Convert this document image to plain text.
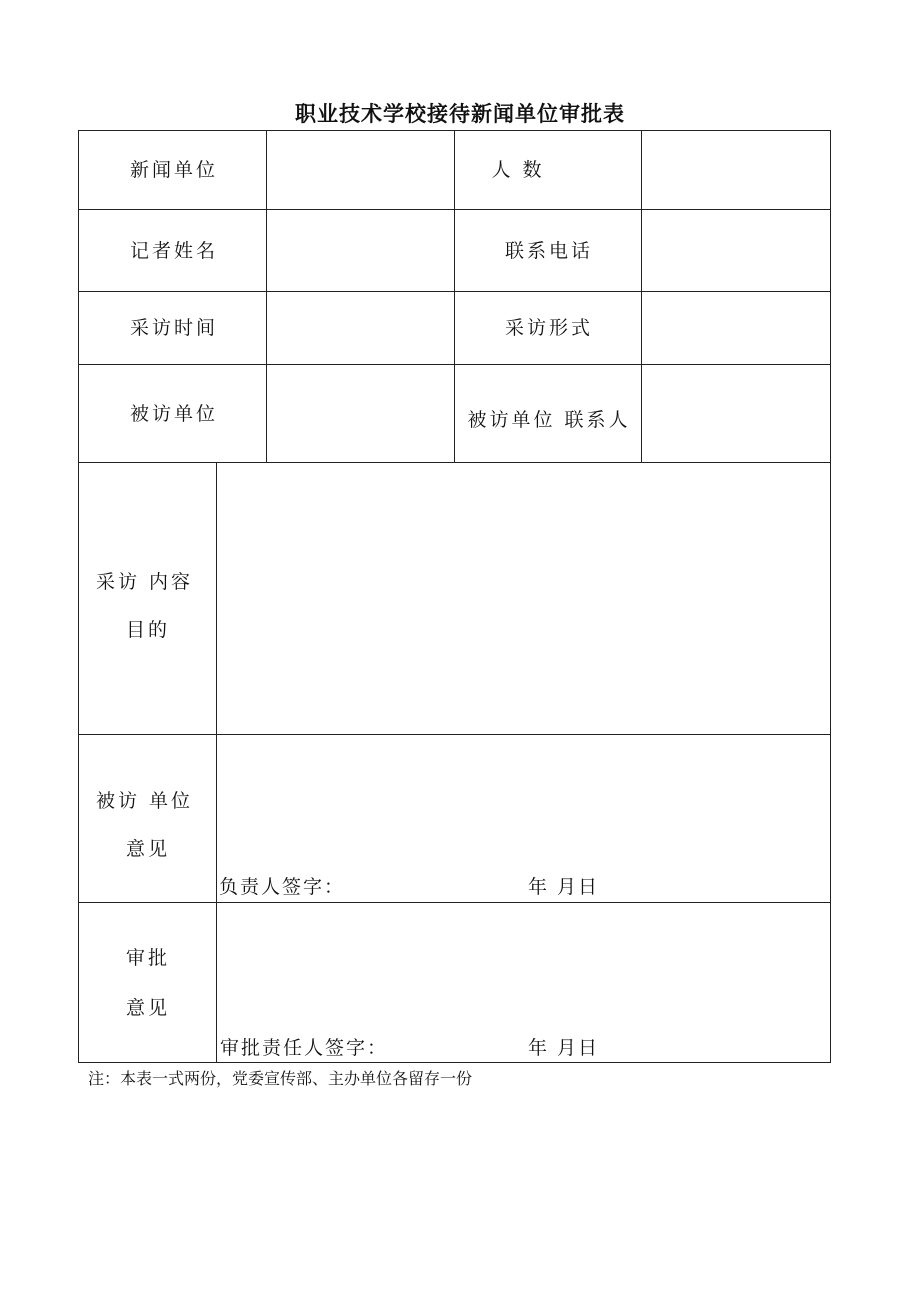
职业技术学校接待新闻单位审批表
新闻单位	人 数
记者姓名	联系电话
采访时间	采访形式
被访单位	被访单位 联系人
采访 内容
目的
被访 单位
意见
负责人签字：	年 月日
审批
意见
审批责任人签字：	年 月日
注：本表一式两份，党委宣传部、主办单位各留存一份
